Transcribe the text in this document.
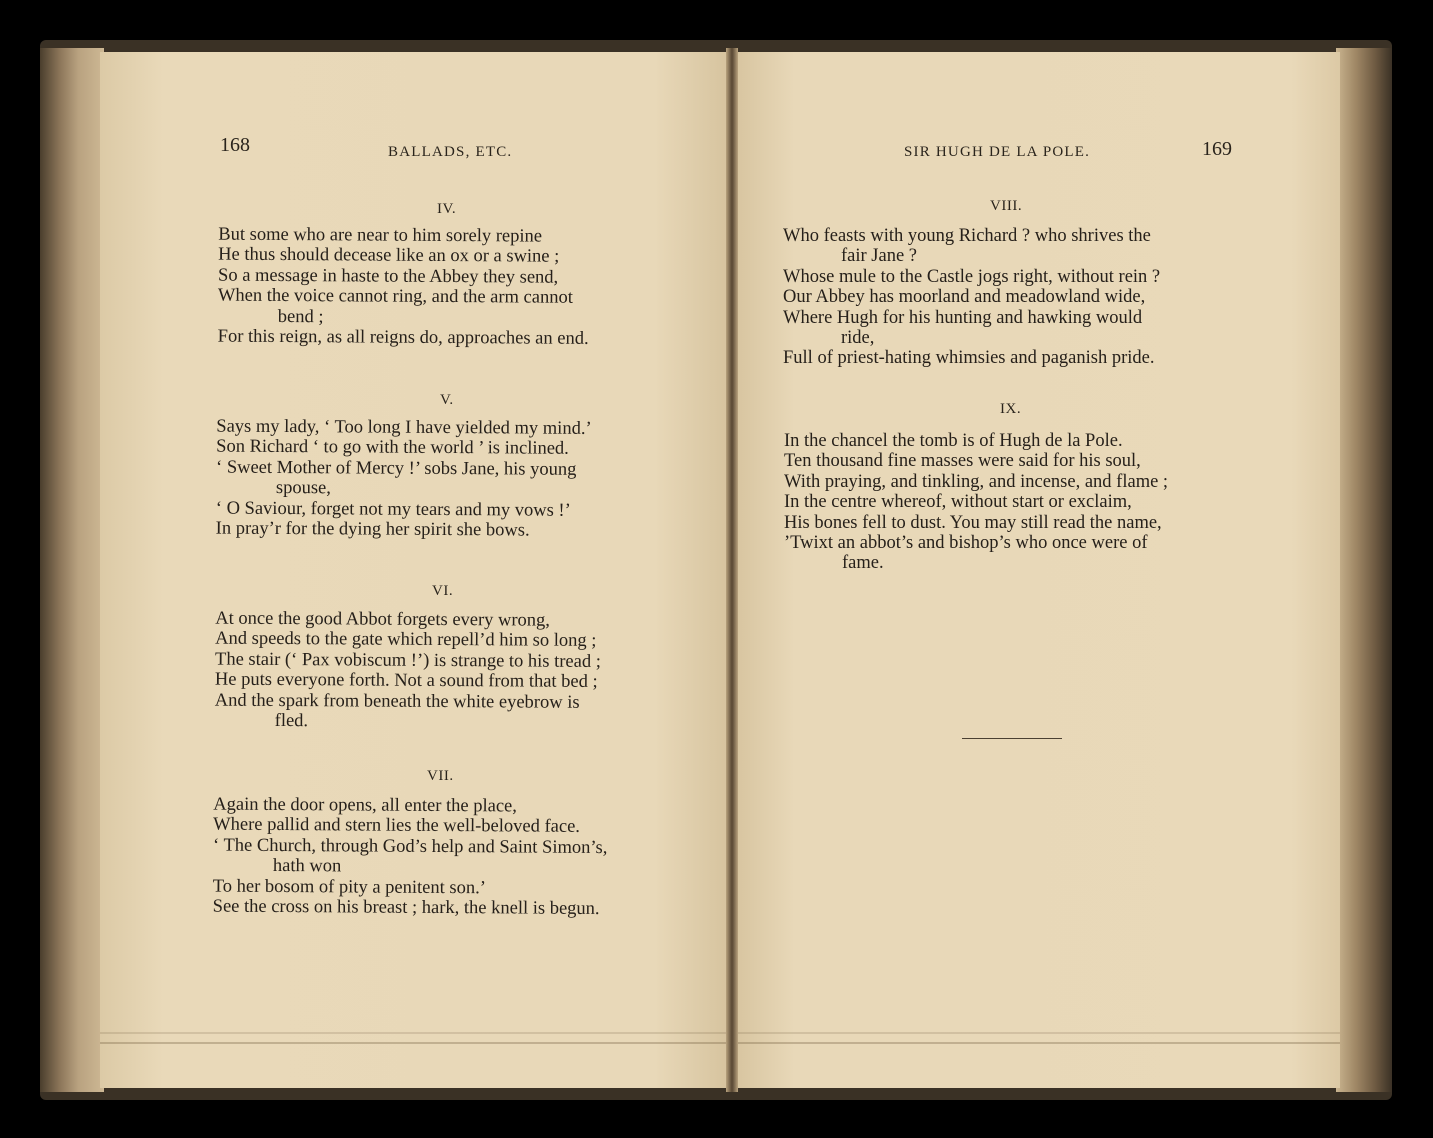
168	BALLADS, ETC.
IV.
But some who are near to him sorely repine
He thus should decease like an ox or a swine ;
So a message in haste to the Abbey they send,
When the voice cannot ring, and the arm cannot
bend ;
For this reign, as all reigns do, approaches an end.
V.
Says my lady, ‘ Too long I have yielded my mind.’
Son Richard ‘ to go with the world ’ is inclined.
‘ Sweet Mother of Mercy !’ sobs Jane, his young
spouse,
‘ O Saviour, forget not my tears and my vows !’
In pray’r for the dying her spirit she bows.
VI.
At once the good Abbot forgets every wrong,
And speeds to the gate which repell’d him so long ;
The stair (‘ Pax vobiscum !’) is strange to his tread ;
He puts everyone forth. Not a sound from that bed ;
And the spark from beneath the white eyebrow is
fled.
VII.
Again the door opens, all enter the place,
Where pallid and stern lies the well-beloved face.
‘ The Church, through God’s help and Saint Simon’s,
hath won
To her bosom of pity a penitent son.’
See the cross on his breast ; hark, the knell is begun.
SIR HUGH DE LA POLE.	169
VIII.
Who feasts with young Richard ? who shrives the
fair Jane ?
Whose mule to the Castle jogs right, without rein ?
Our Abbey has moorland and meadowland wide,
Where Hugh for his hunting and hawking would
ride,
Full of priest-hating whimsies and paganish pride.
IX.
In the chancel the tomb is of Hugh de la Pole.
Ten thousand fine masses were said for his soul,
With praying, and tinkling, and incense, and flame ;
In the centre whereof, without start or exclaim,
His bones fell to dust. You may still read the name,
’Twixt an abbot’s and bishop’s who once were of
fame.
